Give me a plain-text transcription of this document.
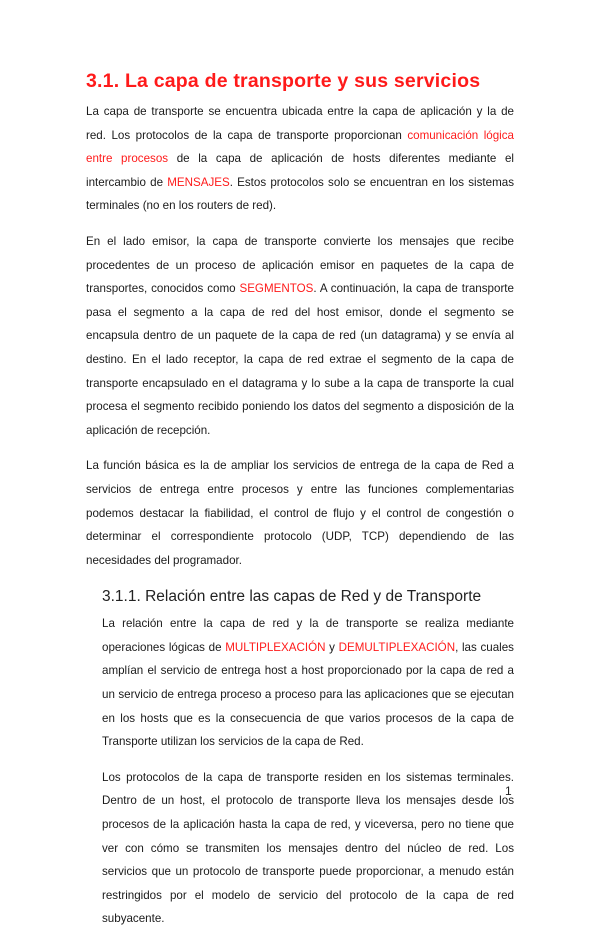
3.1. La capa de transporte y sus servicios

La capa de transporte se encuentra ubicada entre la capa de aplicación y la de red. Los protocolos de la capa de transporte proporcionan comunicación lógica entre procesos de la capa de aplicación de hosts diferentes mediante el intercambio de MENSAJES. Estos protocolos solo se encuentran en los sistemas terminales (no en los routers de red).

En el lado emisor, la capa de transporte convierte los mensajes que recibe procedentes de un proceso de aplicación emisor en paquetes de la capa de transportes, conocidos como SEGMENTOS. A continuación, la capa de transporte pasa el segmento a la capa de red del host emisor, donde el segmento se encapsula dentro de un paquete de la capa de red (un datagrama) y se envía al destino. En el lado receptor, la capa de red extrae el segmento de la capa de transporte encapsulado en el datagrama y lo sube a la capa de transporte la cual procesa el segmento recibido poniendo los datos del segmento a disposición de la aplicación de recepción.

La función básica es la de ampliar los servicios de entrega de la capa de Red a servicios de entrega entre procesos y entre las funciones complementarias podemos destacar la fiabilidad, el control de flujo y el control de congestión o determinar el correspondiente protocolo (UDP, TCP) dependiendo de las necesidades del programador.

3.1.1. Relación entre las capas de Red y de Transporte

La relación entre la capa de red y la de transporte se realiza mediante operaciones lógicas de MULTIPLEXACIÓN y DEMULTIPLEXACIÓN, las cuales amplían el servicio de entrega host a host proporcionado por la capa de red a un servicio de entrega proceso a proceso para las aplicaciones que se ejecutan en los hosts que es la consecuencia de que varios procesos de la capa de Transporte utilizan los servicios de la capa de Red.

Los protocolos de la capa de transporte residen en los sistemas terminales. Dentro de un host, el protocolo de transporte lleva los mensajes desde los procesos de la aplicación hasta la capa de red, y viceversa, pero no tiene que ver con cómo se transmiten los mensajes dentro del núcleo de red. Los servicios que un protocolo de transporte puede proporcionar, a menudo están restringidos por el modelo de servicio del protocolo de la capa de red subyacente.

1
